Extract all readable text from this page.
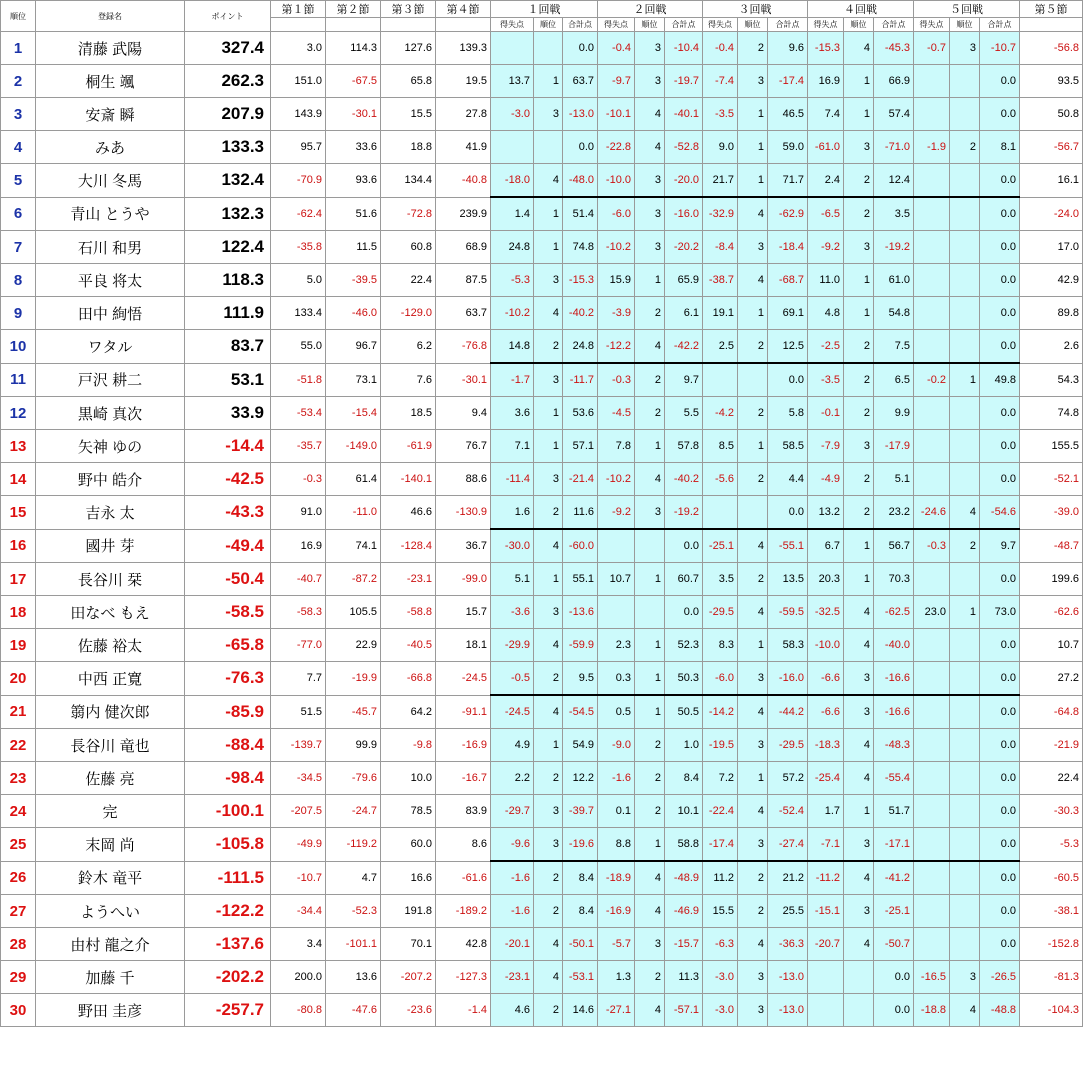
順位	登録名	ポイント	第１節	第２節	第３節	第４節	１回戦			２回戦			３回戦			４回戦			５回戦			第５節
							得失点	順位	合計点	得失点	順位	合計点	得失点	順位	合計点	得失点	順位	合計点	得失点	順位	合計点	
1	清藤 武陽	327.4	3.0	114.3	127.6	139.3			0.0	-0.4	3	-10.4	-0.4	2	9.6	-15.3	4	-45.3	-0.7	3	-10.7	-56.8
2	桐生 颯	262.3	151.0	-67.5	65.8	19.5	13.7	1	63.7	-9.7	3	-19.7	-7.4	3	-17.4	16.9	1	66.9			0.0	93.5
3	安斎 瞬	207.9	143.9	-30.1	15.5	27.8	-3.0	3	-13.0	-10.1	4	-40.1	-3.5	1	46.5	7.4	1	57.4			0.0	50.8
4	みあ	133.3	95.7	33.6	18.8	41.9			0.0	-22.8	4	-52.8	9.0	1	59.0	-61.0	3	-71.0	-1.9	2	8.1	-56.7
5	大川 冬馬	132.4	-70.9	93.6	134.4	-40.8	-18.0	4	-48.0	-10.0	3	-20.0	21.7	1	71.7	2.4	2	12.4			0.0	16.1
6	青山 とうや	132.3	-62.4	51.6	-72.8	239.9	1.4	1	51.4	-6.0	3	-16.0	-32.9	4	-62.9	-6.5	2	3.5			0.0	-24.0
7	石川 和男	122.4	-35.8	11.5	60.8	68.9	24.8	1	74.8	-10.2	3	-20.2	-8.4	3	-18.4	-9.2	3	-19.2			0.0	17.0
8	平良 将太	118.3	5.0	-39.5	22.4	87.5	-5.3	3	-15.3	15.9	1	65.9	-38.7	4	-68.7	11.0	1	61.0			0.0	42.9
9	田中 絢悟	111.9	133.4	-46.0	-129.0	63.7	-10.2	4	-40.2	-3.9	2	6.1	19.1	1	69.1	4.8	1	54.8			0.0	89.8
10	ワタル	83.7	55.0	96.7	6.2	-76.8	14.8	2	24.8	-12.2	4	-42.2	2.5	2	12.5	-2.5	2	7.5			0.0	2.6
11	戸沢 耕二	53.1	-51.8	73.1	7.6	-30.1	-1.7	3	-11.7	-0.3	2	9.7			0.0	-3.5	2	6.5	-0.2	1	49.8	54.3
12	黒崎 真次	33.9	-53.4	-15.4	18.5	9.4	3.6	1	53.6	-4.5	2	5.5	-4.2	2	5.8	-0.1	2	9.9			0.0	74.8
13	矢神 ゆの	-14.4	-35.7	-149.0	-61.9	76.7	7.1	1	57.1	7.8	1	57.8	8.5	1	58.5	-7.9	3	-17.9			0.0	155.5
14	野中 皓介	-42.5	-0.3	61.4	-140.1	88.6	-11.4	3	-21.4	-10.2	4	-40.2	-5.6	2	4.4	-4.9	2	5.1			0.0	-52.1
15	吉永 太	-43.3	91.0	-11.0	46.6	-130.9	1.6	2	11.6	-9.2	3	-19.2			0.0	13.2	2	23.2	-24.6	4	-54.6	-39.0
16	國井 芽	-49.4	16.9	74.1	-128.4	36.7	-30.0	4	-60.0			0.0	-25.1	4	-55.1	6.7	1	56.7	-0.3	2	9.7	-48.7
17	長谷川 栞	-50.4	-40.7	-87.2	-23.1	-99.0	5.1	1	55.1	10.7	1	60.7	3.5	2	13.5	20.3	1	70.3			0.0	199.6
18	田なべ もえ	-58.5	-58.3	105.5	-58.8	15.7	-3.6	3	-13.6			0.0	-29.5	4	-59.5	-32.5	4	-62.5	23.0	1	73.0	-62.6
19	佐藤 裕太	-65.8	-77.0	22.9	-40.5	18.1	-29.9	4	-59.9	2.3	1	52.3	8.3	1	58.3	-10.0	4	-40.0			0.0	10.7
20	中西 正寛	-76.3	7.7	-19.9	-66.8	-24.5	-0.5	2	9.5	0.3	1	50.3	-6.0	3	-16.0	-6.6	3	-16.6			0.0	27.2
21	篛内 健次郎	-85.9	51.5	-45.7	64.2	-91.1	-24.5	4	-54.5	0.5	1	50.5	-14.2	4	-44.2	-6.6	3	-16.6			0.0	-64.8
22	長谷川 竜也	-88.4	-139.7	99.9	-9.8	-16.9	4.9	1	54.9	-9.0	2	1.0	-19.5	3	-29.5	-18.3	4	-48.3			0.0	-21.9
23	佐藤 亮	-98.4	-34.5	-79.6	10.0	-16.7	2.2	2	12.2	-1.6	2	8.4	7.2	1	57.2	-25.4	4	-55.4			0.0	22.4
24	完	-100.1	-207.5	-24.7	78.5	83.9	-29.7	3	-39.7	0.1	2	10.1	-22.4	4	-52.4	1.7	1	51.7			0.0	-30.3
25	末岡 尚	-105.8	-49.9	-119.2	60.0	8.6	-9.6	3	-19.6	8.8	1	58.8	-17.4	3	-27.4	-7.1	3	-17.1			0.0	-5.3
26	鈴木 竜平	-111.5	-10.7	4.7	16.6	-61.6	-1.6	2	8.4	-18.9	4	-48.9	11.2	2	21.2	-11.2	4	-41.2			0.0	-60.5
27	ようへい	-122.2	-34.4	-52.3	191.8	-189.2	-1.6	2	8.4	-16.9	4	-46.9	15.5	2	25.5	-15.1	3	-25.1			0.0	-38.1
28	由村 龍之介	-137.6	3.4	-101.1	70.1	42.8	-20.1	4	-50.1	-5.7	3	-15.7	-6.3	4	-36.3	-20.7	4	-50.7			0.0	-152.8
29	加藤 千	-202.2	200.0	13.6	-207.2	-127.3	-23.1	4	-53.1	1.3	2	11.3	-3.0	3	-13.0			0.0	-16.5	3	-26.5	-81.3
30	野田 圭彦	-257.7	-80.8	-47.6	-23.6	-1.4	4.6	2	14.6	-27.1	4	-57.1	-3.0	3	-13.0			0.0	-18.8	4	-48.8	-104.3
